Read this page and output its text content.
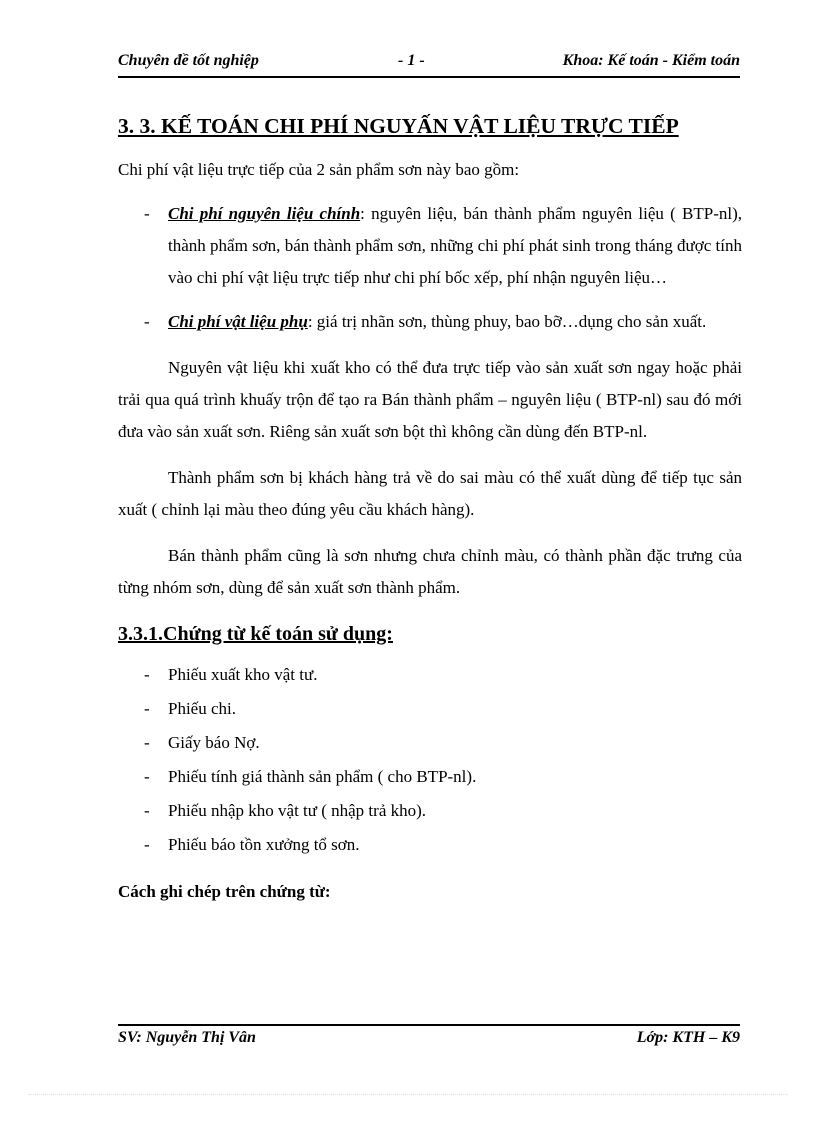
Chuyên đề tốt nghiệp	- 1 -	Khoa: Kế toán - Kiểm toán
3. 3. KẾ TOÁN CHI PHÍ NGUYẤN VẬT LIỆU TRỰC TIẾP

Chi phí vật liệu trực tiếp của 2 sản phẩm sơn này bao gồm:

- Chi phí nguyên liệu chính: nguyên liệu, bán thành phẩm nguyên liệu ( BTP-nl), thành phẩm sơn, bán thành phẩm sơn, những chi phí phát sinh trong tháng được tính vào chi phí vật liệu trực tiếp như chi phí bốc xếp, phí nhận nguyên liệu…
- Chi phí vật liệu phụ: giá trị nhãn sơn, thùng phuy, bao bỡ…dụng cho sản xuất.

Nguyên vật liệu khi xuất kho có thể đưa trực tiếp vào sản xuất sơn ngay hoặc phải trải qua quá trình khuấy trộn để tạo ra Bán thành phẩm – nguyên liệu ( BTP-nl) sau đó mới đưa vào sản xuất sơn. Riêng sản xuất sơn bột thì không cần dùng đến BTP-nl.

Thành phẩm sơn bị khách hàng trả về do sai màu có thể xuất dùng để tiếp tục sản xuất ( chỉnh lại màu theo đúng yêu cầu khách hàng).

Bán thành phẩm cũng là sơn nhưng chưa chỉnh màu, có thành phần đặc trưng của từng nhóm sơn, dùng để sản xuất sơn thành phẩm.

3.3.1.Chứng từ kế toán sử dụng:
- Phiếu xuất kho vật tư.
- Phiếu chi.
- Giấy báo Nợ.
- Phiếu tính giá thành sản phẩm ( cho BTP-nl).
- Phiếu nhập kho vật tư ( nhập trả kho).
- Phiếu báo tồn xưởng tổ sơn.
Cách ghi chép trên chứng từ:
SV: Nguyễn Thị Vân	Lớp: KTH – K9
